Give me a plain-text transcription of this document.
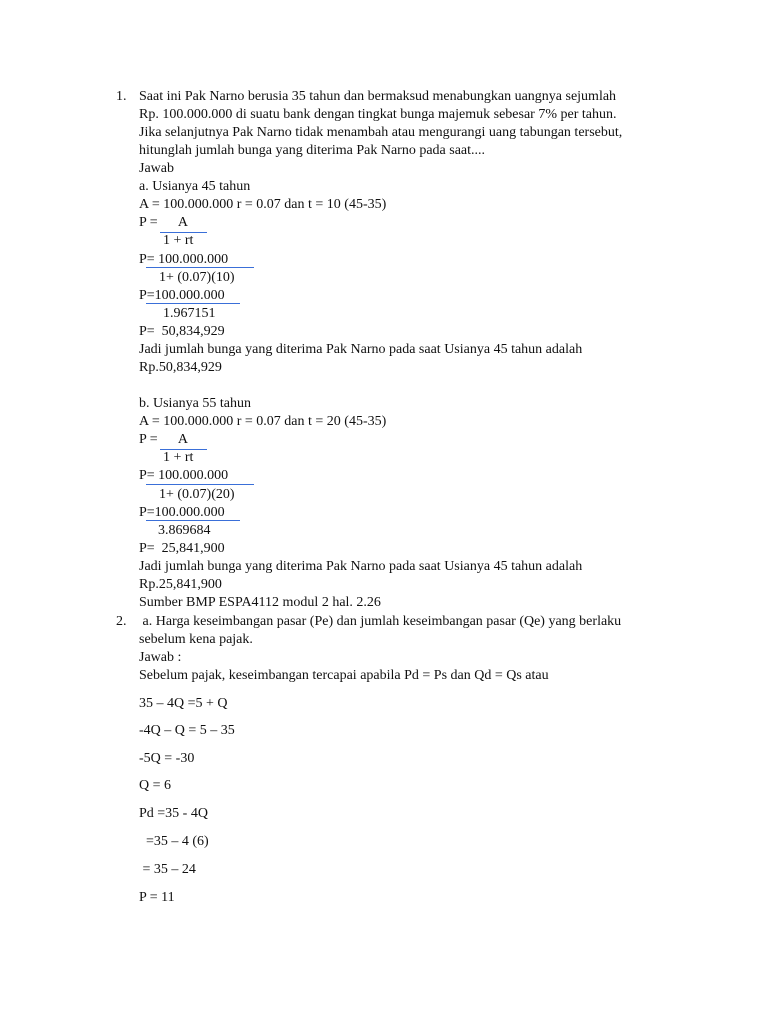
1. Saat ini Pak Narno berusia 35 tahun dan bermaksud menabungkan uangnya sejumlah
Rp. 100.000.000 di suatu bank dengan tingkat bunga majemuk sebesar 7% per tahun.
Jika selanjutnya Pak Narno tidak menambah atau mengurangi uang tabungan tersebut,
hitunglah jumlah bunga yang diterima Pak Narno pada saat....
Jawab
a. Usianya 45 tahun
A = 100.000.000 r = 0.07 dan t = 10 (45-35)
P =      A
1 + rt
P= 100.000.000
1+ (0.07)(10)
P=100.000.000
1.967151
P=  50,834,929
Jadi jumlah bunga yang diterima Pak Narno pada saat Usianya 45 tahun adalah
Rp.50,834,929
b. Usianya 55 tahun
A = 100.000.000 r = 0.07 dan t = 20 (45-35)
P =      A
1 + rt
P= 100.000.000
1+ (0.07)(20)
P=100.000.000
3.869684
P=  25,841,900
Jadi jumlah bunga yang diterima Pak Narno pada saat Usianya 45 tahun adalah
Rp.25,841,900
Sumber BMP ESPA4112 modul 2 hal. 2.26
2. a. Harga keseimbangan pasar (Pe) dan jumlah keseimbangan pasar (Qe) yang berlaku
sebelum kena pajak.
Jawab :
Sebelum pajak, keseimbangan tercapai apabila Pd = Ps dan Qd = Qs atau
35 – 4Q =5 + Q
-4Q – Q = 5 – 35
-5Q = -30
Q = 6
Pd =35 - 4Q
=35 – 4 (6)
= 35 – 24
P = 11
